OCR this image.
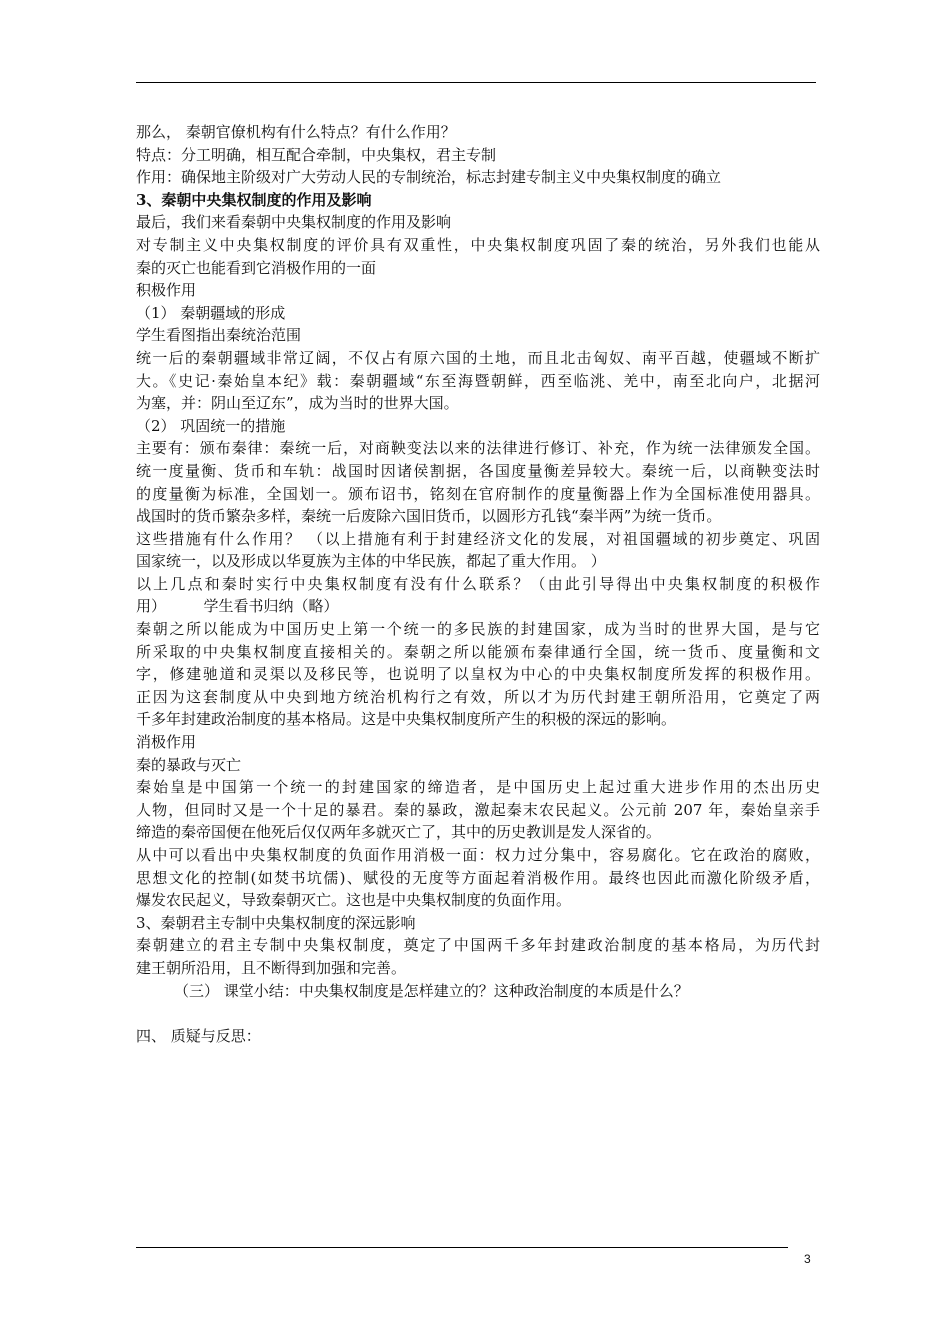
那么， 秦朝官僚机构有什么特点？有什么作用？
特点：分工明确，相互配合牵制，中央集权，君主专制
作用：确保地主阶级对广大劳动人民的专制统治，标志封建专制主义中央集权制度的确立
3、秦朝中央集权制度的作用及影响
最后，我们来看秦朝中央集权制度的作用及影响
对专制主义中央集权制度的评价具有双重性，中央集权制度巩固了秦的统治，另外我们也能从
秦的灭亡也能看到它消极作用的一面
积极作用
（1） 秦朝疆域的形成
学生看图指出秦统治范围
统一后的秦朝疆域非常辽阔，不仅占有原六国的土地，而且北击匈奴、南平百越，使疆域不断扩
大。《史记·秦始皇本纪》载：秦朝疆域“东至海暨朝鲜，西至临洮、羌中，南至北向户，北据河
为塞，并：阴山至辽东”，成为当时的世界大国。
（2） 巩固统一的措施
主要有：颁布秦律：秦统一后，对商鞅变法以来的法律进行修订、补充，作为统一法律颁发全国。
统一度量衡、货币和车轨：战国时因诸侯割据，各国度量衡差异较大。秦统一后，以商鞅变法时
的度量衡为标准，全国划一。颁布诏书，铭刻在官府制作的度量衡器上作为全国标准使用器具。
战国时的货币繁杂多样，秦统一后废除六国旧货币，以圆形方孔钱“秦半两”为统一货币。
这些措施有什么作用？ （以上措施有利于封建经济文化的发展，对祖国疆域的初步奠定、巩固
国家统一，以及形成以华夏族为主体的中华民族，都起了重大作用。 ）
以上几点和秦时实行中央集权制度有没有什么联系？（由此引导得出中央集权制度的积极作
用）　　　学生看书归纳（略）
秦朝之所以能成为中国历史上第一个统一的多民族的封建国家，成为当时的世界大国，是与它
所采取的中央集权制度直接相关的。秦朝之所以能颁布秦律通行全国，统一货币、度量衡和文
字，修建驰道和灵渠以及移民等，也说明了以皇权为中心的中央集权制度所发挥的积极作用。
正因为这套制度从中央到地方统治机构行之有效，所以才为历代封建王朝所沿用，它奠定了两
千多年封建政治制度的基本格局。这是中央集权制度所产生的积极的深远的影响。
消极作用
秦的暴政与灭亡
秦始皇是中国第一个统一的封建国家的缔造者，是中国历史上起过重大进步作用的杰出历史
人物，但同时又是一个十足的暴君。秦的暴政，激起秦末农民起义。公元前 207 年，秦始皇亲手
缔造的秦帝国便在他死后仅仅两年多就灭亡了，其中的历史教训是发人深省的。
从中可以看出中央集权制度的负面作用消极一面：权力过分集中，容易腐化。它在政治的腐败，
思想文化的控制(如焚书坑儒)、赋役的无度等方面起着消极作用。最终也因此而激化阶级矛盾，
爆发农民起义，导致秦朝灭亡。这也是中央集权制度的负面作用。
3、秦朝君主专制中央集权制度的深远影响
秦朝建立的君主专制中央集权制度，奠定了中国两千多年封建政治制度的基本格局，为历代封
建王朝所沿用，且不断得到加强和完善。
（三） 课堂小结：中央集权制度是怎样建立的？这种政治制度的本质是什么？
四、 质疑与反思：
3
